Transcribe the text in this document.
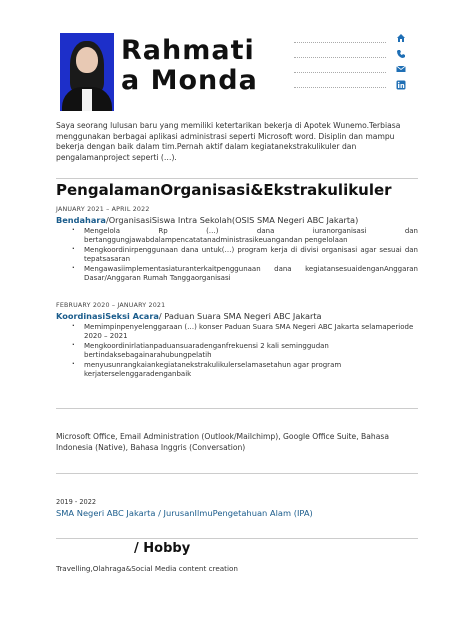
Rahmati
a Monda
Saya seorang lulusan baru yang memiliki ketertarikan bekerja di Apotek Wunemo.Terbiasa menggunakan berbagai aplikasi administrasi seperti Microsoft word. Disiplin dan mampu bekerja dengan baik dalam tim.Pernah aktif dalam kegiatanekstrakulikuler dan pengalamanproject seperti (…).
PengalamanOrganisasi&Ekstrakulikuler
JANUARY 2021 – APRIL 2022
Bendahara/OrganisasiSiswa Intra Sekolah(OSIS SMA Negeri ABC Jakarta)
· Mengelola Rp (…) dana iuranorganisasi dan bertanggungjawabdalampencatatanadministrasikeuangandan pengelolaan
· Mengkoordinirpenggunaan dana untuk(…) program kerja di divisi organisasi agar sesuai dan tepatsasaran
· Mengawasiimplementasiaturanterkaitpenggunaan dana kegiatansesuaidenganAnggaran Dasar/Anggaran Rumah Tanggaorganisasi
FEBRUARY 2020 – JANUARY 2021
KoordinasiSeksi Acara/ Paduan Suara SMA Negeri ABC Jakarta
· Memimpinpenyelenggaraan (…) konser Paduan Suara SMA Negeri ABC Jakarta selamaperiode 2020 – 2021
· Mengkoordinirlatianpaduansuaradenganfrekuensi 2 kali seminggudan bertindaksebagainarahubungpelatih
· menyusunrangkaiankegiatanekstrakulikulerselamasetahun agar program kerjaterselenggaradenganbaik
Microsoft Office, Email Administration (Outlook/Mailchimp), Google Office Suite, Bahasa Indonesia (Native), Bahasa Inggris (Conversation)
2019 - 2022
SMA Negeri ABC Jakarta / JurusanIlmuPengetahuan Alam (IPA)
/ Hobby
Travelling,Olahraga&Social Media content creation
